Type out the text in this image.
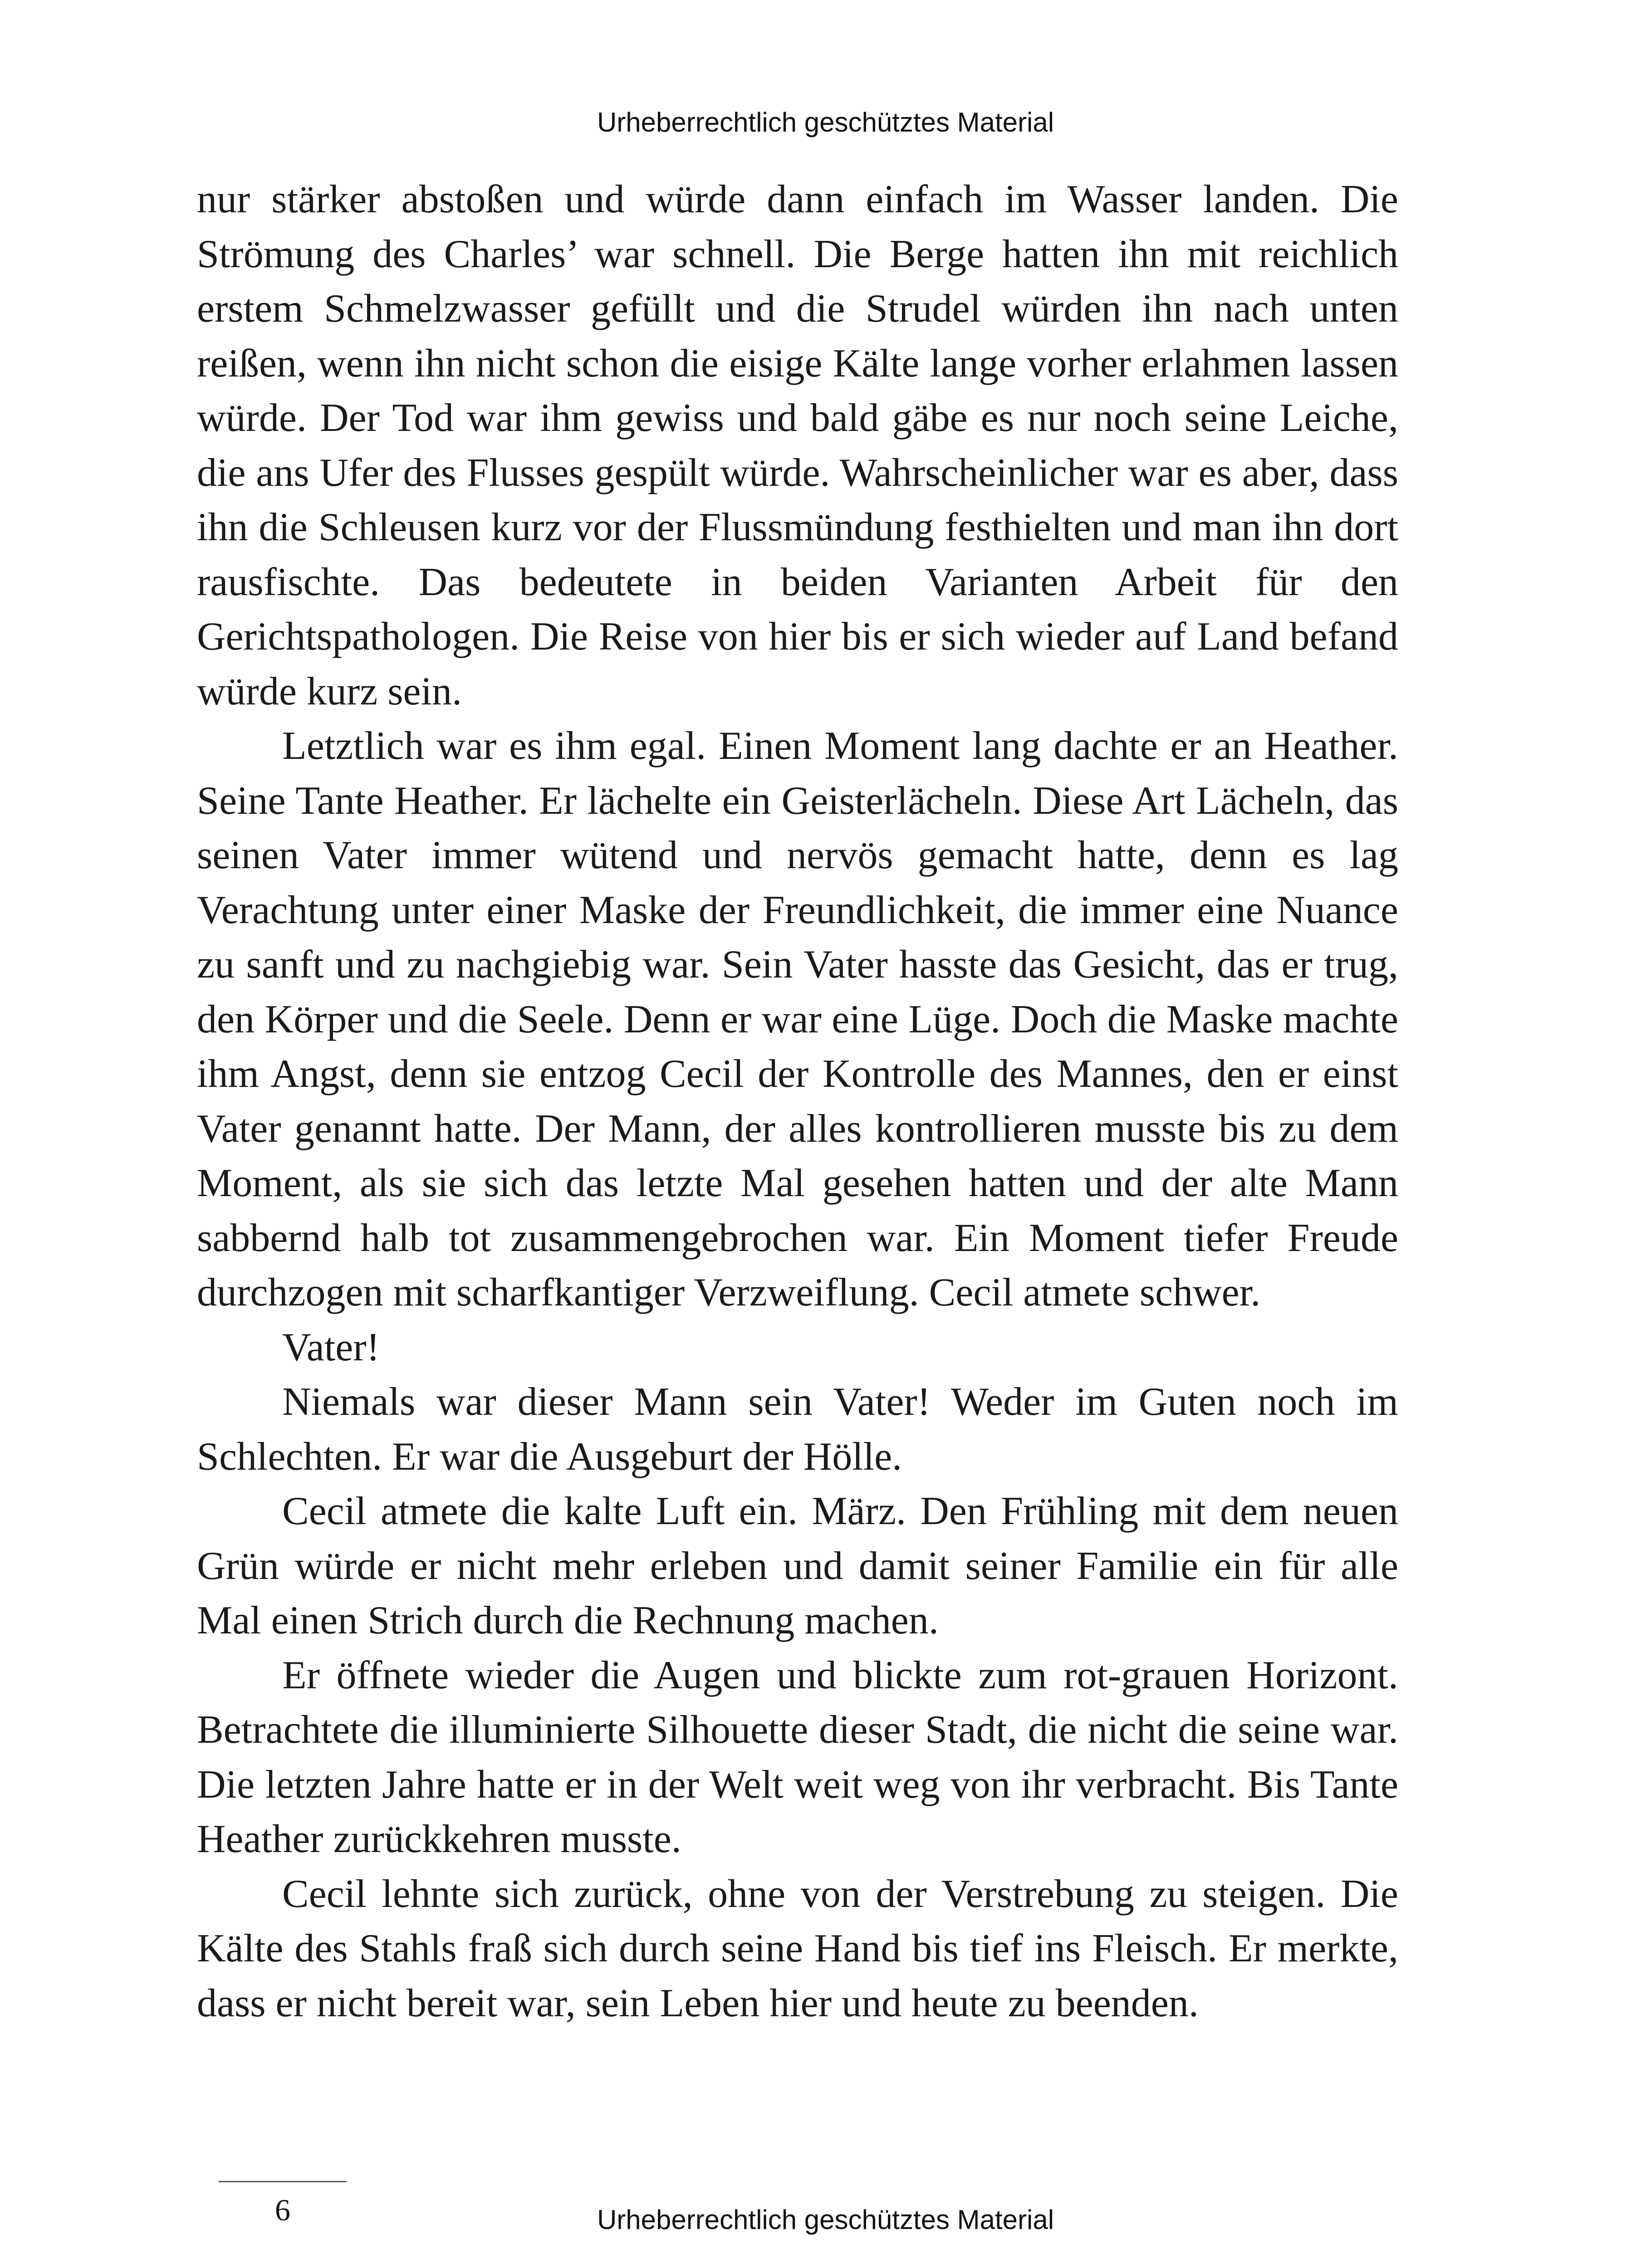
Urheberrechtlich geschütztes Material

nur stärker abstoßen und würde dann einfach im Wasser landen. Die Strömung des Charles’ war schnell. Die Berge hatten ihn mit reichlich erstem Schmelzwasser gefüllt und die Strudel würden ihn nach unten reißen, wenn ihn nicht schon die eisige Kälte lange vorher erlahmen lassen würde. Der Tod war ihm gewiss und bald gäbe es nur noch seine Leiche, die ans Ufer des Flusses gespült würde. Wahrscheinlicher war es aber, dass ihn die Schleusen kurz vor der Flussmündung festhielten und man ihn dort rausfischte. Das bedeutete in beiden Varianten Arbeit für den Gerichtspathologen. Die Reise von hier bis er sich wieder auf Land befand würde kurz sein.

Letztlich war es ihm egal. Einen Moment lang dachte er an Heather. Seine Tante Heather. Er lächelte ein Geisterlächeln. Diese Art Lächeln, das seinen Vater immer wütend und nervös gemacht hatte, denn es lag Verachtung unter einer Maske der Freundlichkeit, die immer eine Nuance zu sanft und zu nachgiebig war. Sein Vater hasste das Gesicht, das er trug, den Körper und die Seele. Denn er war eine Lüge. Doch die Maske machte ihm Angst, denn sie entzog Cecil der Kontrolle des Mannes, den er einst Vater genannt hatte. Der Mann, der alles kontrollieren musste bis zu dem Moment, als sie sich das letzte Mal gesehen hatten und der alte Mann sabbernd halb tot zusammengebrochen war. Ein Moment tiefer Freude durchzogen mit scharfkantiger Verzweiflung. Cecil atmete schwer.

Vater!

Niemals war dieser Mann sein Vater! Weder im Guten noch im Schlechten. Er war die Ausgeburt der Hölle.

Cecil atmete die kalte Luft ein. März. Den Frühling mit dem neuen Grün würde er nicht mehr erleben und damit seiner Familie ein für alle Mal einen Strich durch die Rechnung machen.

Er öffnete wieder die Augen und blickte zum rot-grauen Horizont. Betrachtete die illuminierte Silhouette dieser Stadt, die nicht die seine war. Die letzten Jahre hatte er in der Welt weit weg von ihr verbracht. Bis Tante Heather zurückkehren musste.

Cecil lehnte sich zurück, ohne von der Verstrebung zu steigen. Die Kälte des Stahls fraß sich durch seine Hand bis tief ins Fleisch. Er merkte, dass er nicht bereit war, sein Leben hier und heute zu beenden.

6	Urheberrechtlich geschütztes Material
